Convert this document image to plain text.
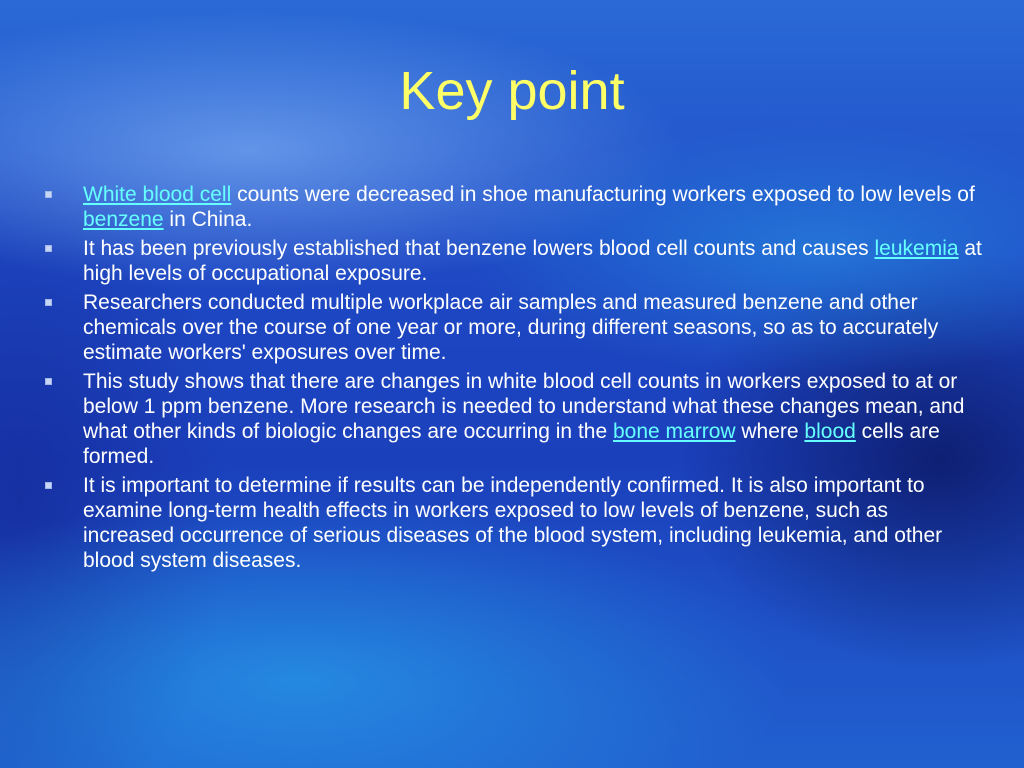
Key point
White blood cell counts were decreased in shoe manufacturing workers exposed to low levels of benzene in China.
It has been previously established that benzene lowers blood cell counts and causes leukemia at high levels of occupational exposure.
Researchers conducted multiple workplace air samples and measured benzene and other chemicals over the course of one year or more, during different seasons, so as to accurately estimate workers' exposures over time.
This study shows that there are changes in white blood cell counts in workers exposed to at or below 1 ppm benzene. More research is needed to understand what these changes mean, and what other kinds of biologic changes are occurring in the bone marrow where blood cells are formed.
It is important to determine if results can be independently confirmed. It is also important to examine long-term health effects in workers exposed to low levels of benzene, such as increased occurrence of serious diseases of the blood system, including leukemia, and other blood system diseases.
